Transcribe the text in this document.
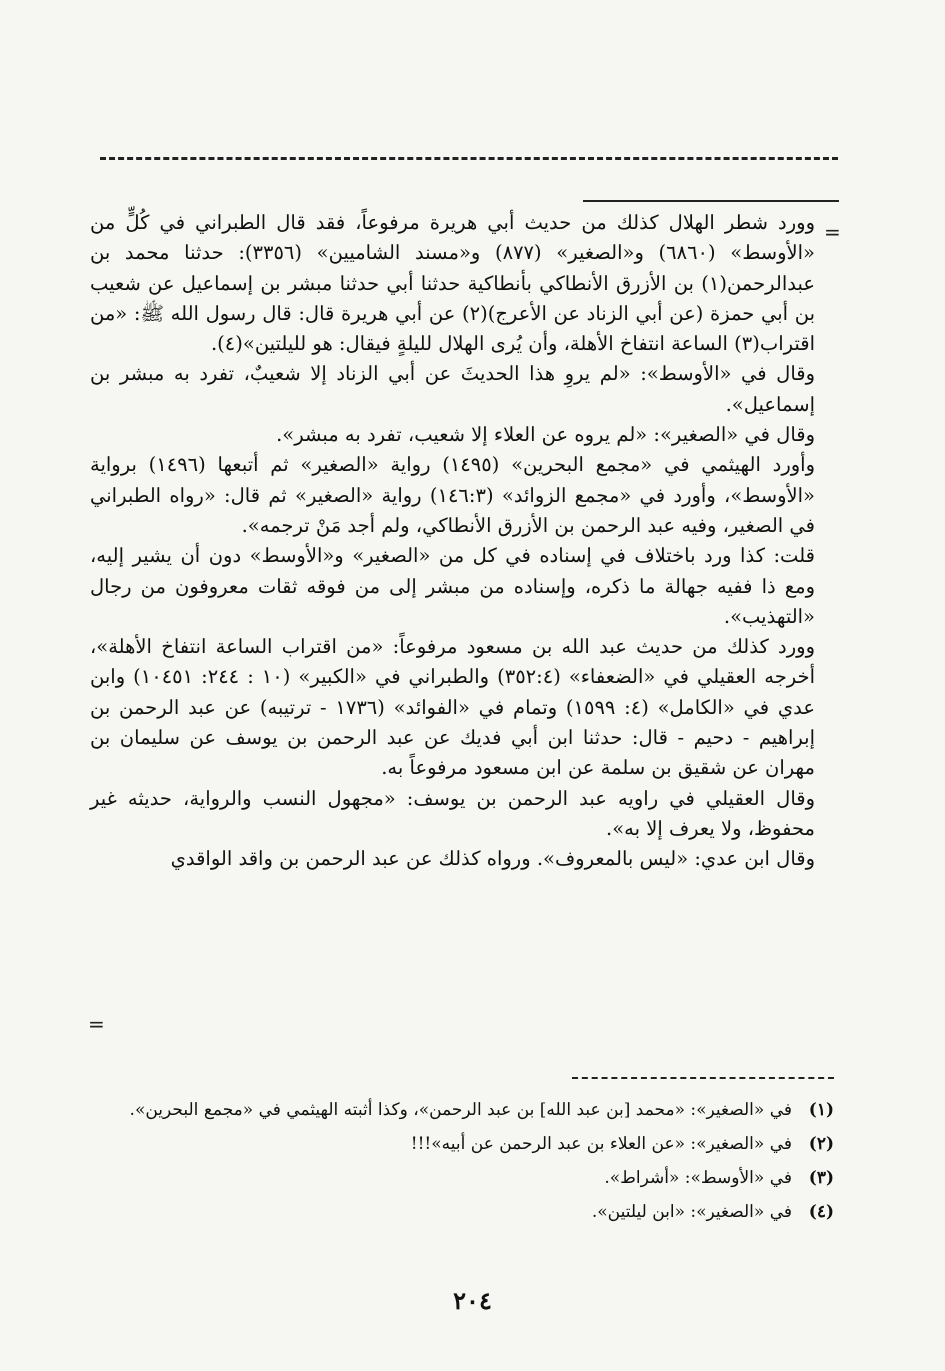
=

وورد شطر الهلال كذلك من حديث أبي هريرة مرفوعاً، فقد قال الطبراني في كُلٍّ من «الأوسط» (٦٨٦٠) و«الصغير» (٨٧٧) و«مسند الشاميين» (٣٣٥٦): حدثنا محمد بن عبدالرحمن(١) بن الأزرق الأنطاكي بأنطاكية حدثنا أبي حدثنا مبشر بن إسماعيل عن شعيب بن أبي حمزة (عن أبي الزناد عن الأعرج)(٢) عن أبي هريرة قال: قال رسول الله ﷺ: «من اقتراب(٣) الساعة انتفاخ الأهلة، وأن يُرى الهلال لليلةٍ فيقال: هو لليلتين»(٤).

وقال في «الأوسط»: «لم يروِ هذا الحديثَ عن أبي الزناد إلا شعيبٌ، تفرد به مبشر بن إسماعيل».

وقال في «الصغير»: «لم يروه عن العلاء إلا شعيب، تفرد به مبشر».

وأورد الهيثمي في «مجمع البحرين» (١٤٩٥) رواية «الصغير» ثم أتبعها (١٤٩٦) برواية «الأوسط»، وأورد في «مجمع الزوائد» (١٤٦:٣) رواية «الصغير» ثم قال: «رواه الطبراني في الصغير، وفيه عبد الرحمن بن الأزرق الأنطاكي، ولم أجد مَنْ ترجمه».

قلت: كذا ورد باختلاف في إسناده في كل من «الصغير» و«الأوسط» دون أن يشير إليه، ومع ذا ففيه جهالة ما ذكره، وإسناده من مبشر إلى من فوقه ثقات معروفون من رجال «التهذيب».

وورد كذلك من حديث عبد الله بن مسعود مرفوعاً: «من اقتراب الساعة انتفاخ الأهلة»، أخرجه العقيلي في «الضعفاء» (٣٥٢:٤) والطبراني في «الكبير» (١٠ : ٢٤٤: ١٠٤٥١) وابن عدي في «الكامل» (٤: ١٥٩٩) وتمام في «الفوائد» (١٧٣٦ - ترتيبه) عن عبد الرحمن بن إبراهيم - دحيم - قال: حدثنا ابن أبي فديك عن عبد الرحمن بن يوسف عن سليمان بن مهران عن شقيق بن سلمة عن ابن مسعود مرفوعاً به.

وقال العقيلي في راويه عبد الرحمن بن يوسف: «مجهول النسب والرواية، حديثه غير محفوظ، ولا يعرف إلا به».

وقال ابن عدي: «ليس بالمعروف». ورواه كذلك عن عبد الرحمن بن واقد الواقدي

=
(١)
في «الصغير»: «محمد [بن عبد الله] بن عبد الرحمن»، وكذا أثبته الهيثمي في «مجمع البحرين».
(٢)
في «الصغير»: «عن العلاء بن عبد الرحمن عن أبيه»!!!
(٣)
في «الأوسط»: «أشراط».
(٤)
في «الصغير»: «ابن ليلتين».
٢٠٤
